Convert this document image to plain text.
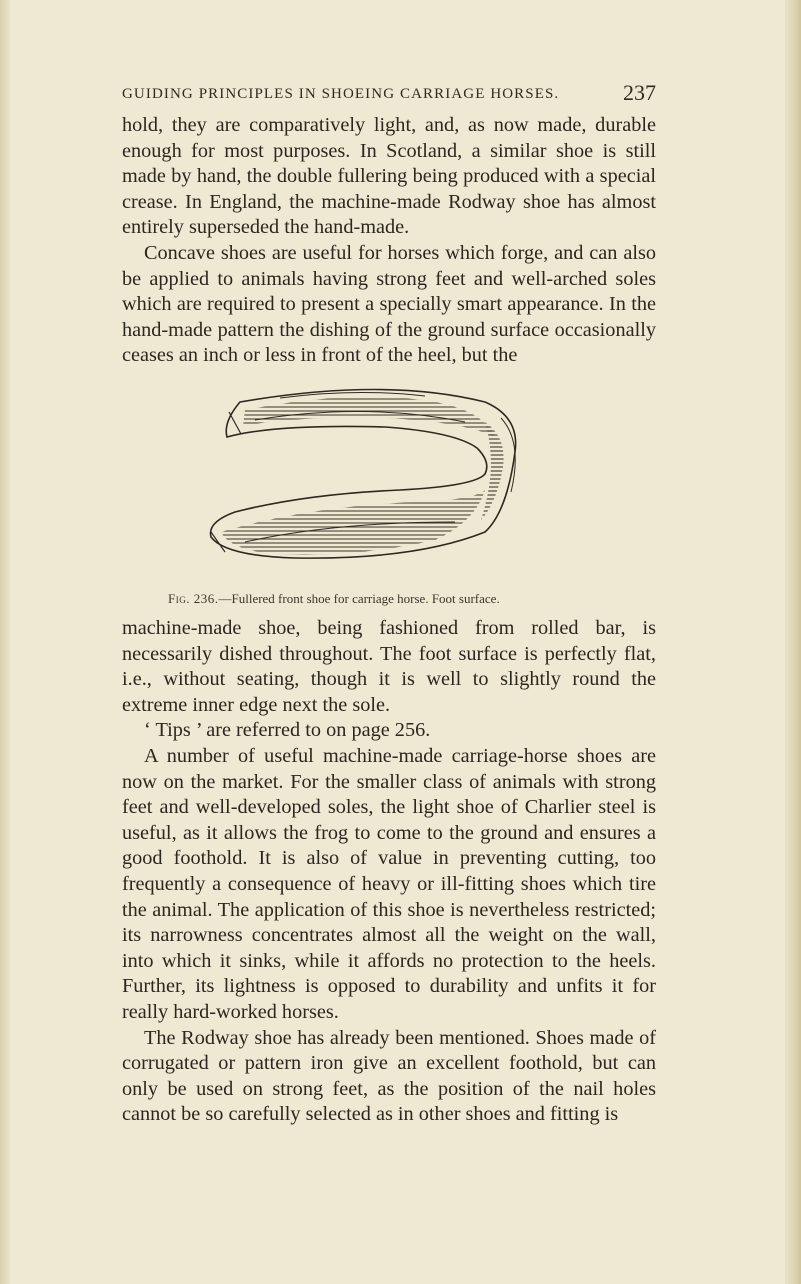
GUIDING PRINCIPLES IN SHOEING CARRIAGE HORSES.	237

hold, they are comparatively light, and, as now made, durable enough for most purposes. In Scotland, a similar shoe is still made by hand, the double fullering being produced with a special crease. In England, the machine-made Rodway shoe has almost entirely superseded the hand-made.

Concave shoes are useful for horses which forge, and can also be applied to animals having strong feet and well-arched soles which are required to present a specially smart appearance. In the hand-made pattern the dishing of the ground surface occasionally ceases an inch or less in front of the heel, but the

Fig. 236.—Fullered front shoe for carriage horse. Foot surface.

machine-made shoe, being fashioned from rolled bar, is necessarily dished throughout. The foot surface is perfectly flat, i.e., without seating, though it is well to slightly round the extreme inner edge next the sole.

‘ Tips ’ are referred to on page 256.

A number of useful machine-made carriage-horse shoes are now on the market. For the smaller class of animals with strong feet and well-developed soles, the light shoe of Charlier steel is useful, as it allows the frog to come to the ground and ensures a good foothold. It is also of value in preventing cutting, too frequently a consequence of heavy or ill-fitting shoes which tire the animal. The application of this shoe is nevertheless restricted; its narrowness concentrates almost all the weight on the wall, into which it sinks, while it affords no protection to the heels. Further, its lightness is opposed to durability and unfits it for really hard-worked horses.

The Rodway shoe has already been mentioned. Shoes made of corrugated or pattern iron give an excellent foothold, but can only be used on strong feet, as the position of the nail holes cannot be so carefully selected as in other shoes and fitting is
